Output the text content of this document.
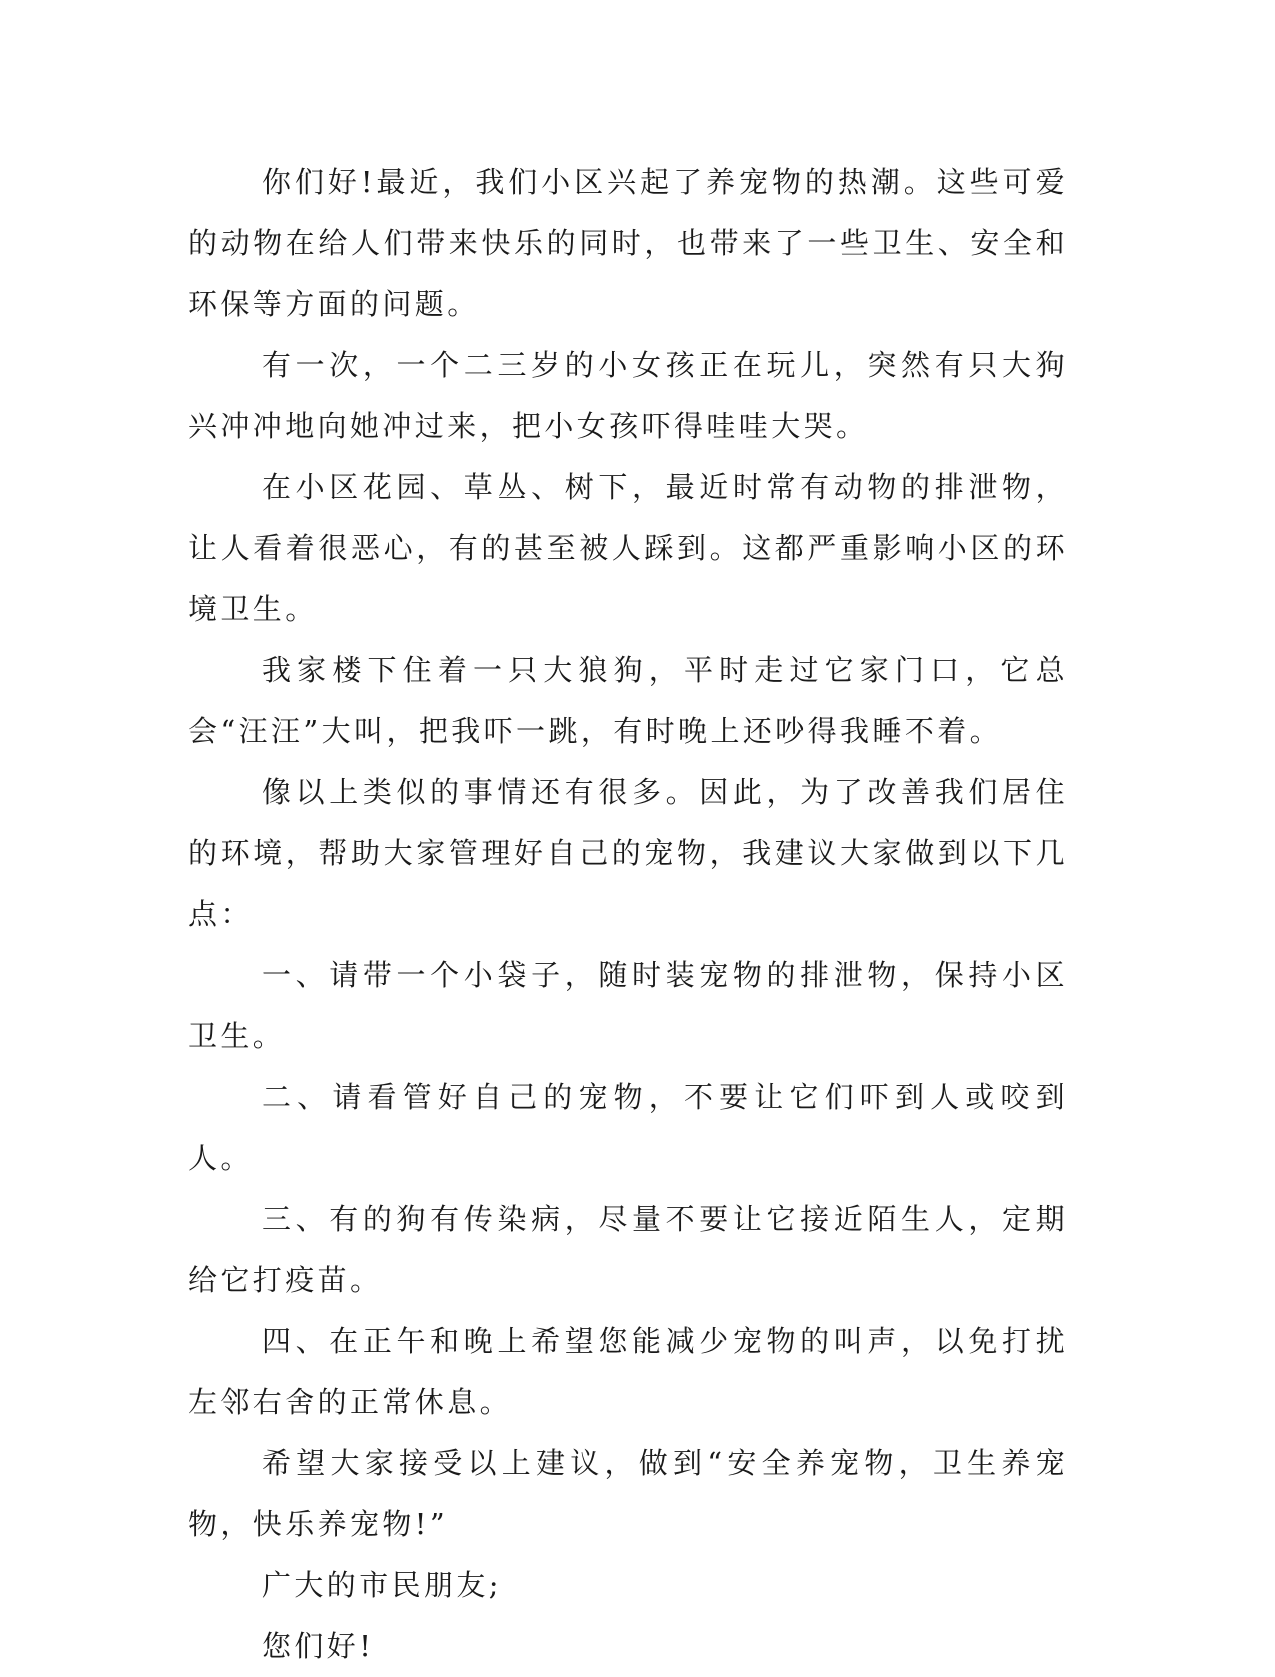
你们好!最近，我们小区兴起了养宠物的热潮。这些可爱的动物在给人们带来快乐的同时，也带来了一些卫生、安全和环保等方面的问题。

有一次，一个二三岁的小女孩正在玩儿，突然有只大狗兴冲冲地向她冲过来，把小女孩吓得哇哇大哭。

在小区花园、草丛、树下，最近时常有动物的排泄物，让人看着很恶心，有的甚至被人踩到。这都严重影响小区的环境卫生。

我家楼下住着一只大狼狗，平时走过它家门口，它总会“汪汪”大叫，把我吓一跳，有时晚上还吵得我睡不着。

像以上类似的事情还有很多。因此，为了改善我们居住的环境，帮助大家管理好自己的宠物，我建议大家做到以下几点：

一、请带一个小袋子，随时装宠物的排泄物，保持小区卫生。

二、请看管好自己的宠物，不要让它们吓到人或咬到人。

三、有的狗有传染病，尽量不要让它接近陌生人，定期给它打疫苗。

四、在正午和晚上希望您能减少宠物的叫声，以免打扰左邻右舍的正常休息。

希望大家接受以上建议，做到“安全养宠物，卫生养宠物，快乐养宠物!”

广大的市民朋友;

您们好!
